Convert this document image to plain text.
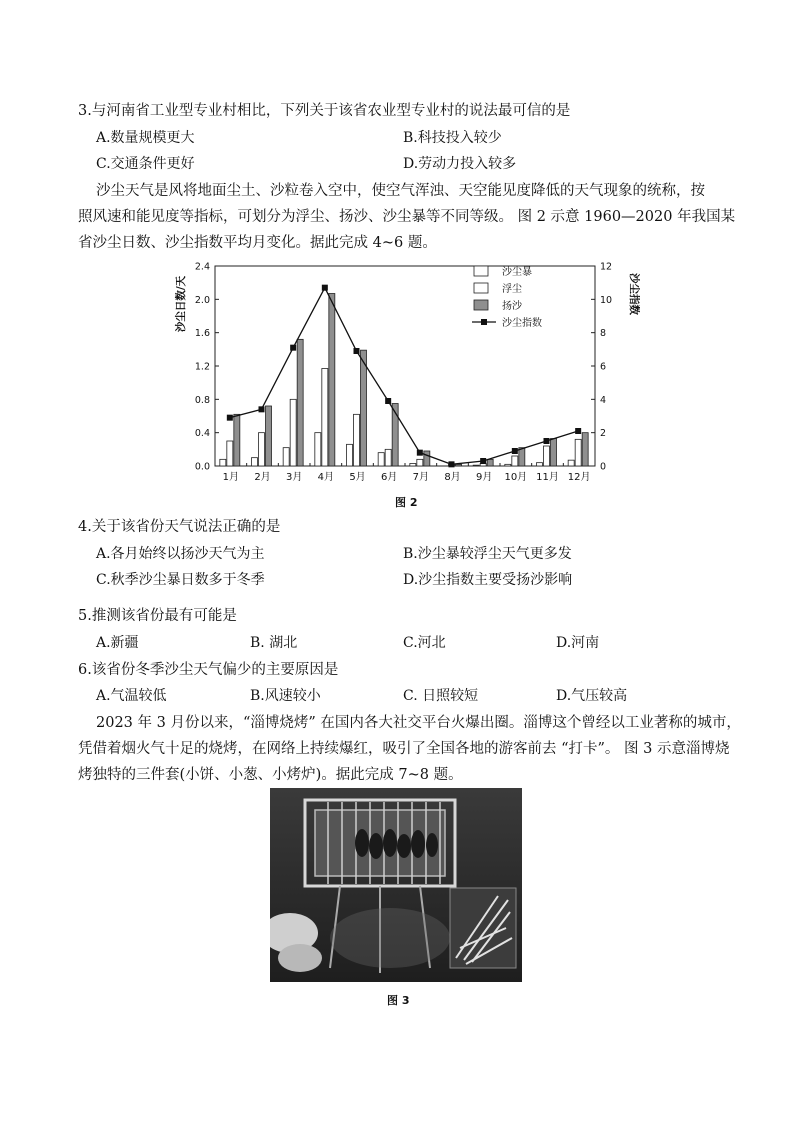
3.与河南省工业型专业村相比，下列关于该省农业型专业村的说法最可信的是
A.数量规模更大	B.科技投入较少
C.交通条件更好	D.劳动力投入较多
沙尘天气是风将地面尘土、沙粒卷入空中，使空气浑浊、天空能见度降低的天气现象的统称，按
照风速和能见度等指标，可划分为浮尘、扬沙、沙尘暴等不同等级。 图 2 示意 1960—2020 年我国某
省沙尘日数、沙尘指数平均月变化。据此完成 4~6 题。
0.0
0.4
0.8
1.2
1.6
2.0
2.4
0
2
4
6
8
10
12
沙尘日数/天	沙尘指数
1月 2月 3月 4月 5月 6月 7月 8月 9月 10月 11月 12月
沙尘暴
浮尘
扬沙
沙尘指数
图 2
4.关于该省份天气说法正确的是
A.各月始终以扬沙天气为主	B.沙尘暴较浮尘天气更多发
C.秋季沙尘暴日数多于冬季	D.沙尘指数主要受扬沙影响
5.推测该省份最有可能是
A.新疆	B. 湖北	C.河北	D.河南
6.该省份冬季沙尘天气偏少的主要原因是
A.气温较低	B.风速较小	C. 日照较短	D.气压较高
2023 年 3 月份以来，“淄博烧烤” 在国内各大社交平台火爆出圈。淄博这个曾经以工业著称的城市，
凭借着烟火气十足的烧烤，在网络上持续爆红，吸引了全国各地的游客前去 “打卡”。 图 3 示意淄博烧
烤独特的三件套(小饼、小葱、小烤炉)。据此完成 7~8 题。
图 3
